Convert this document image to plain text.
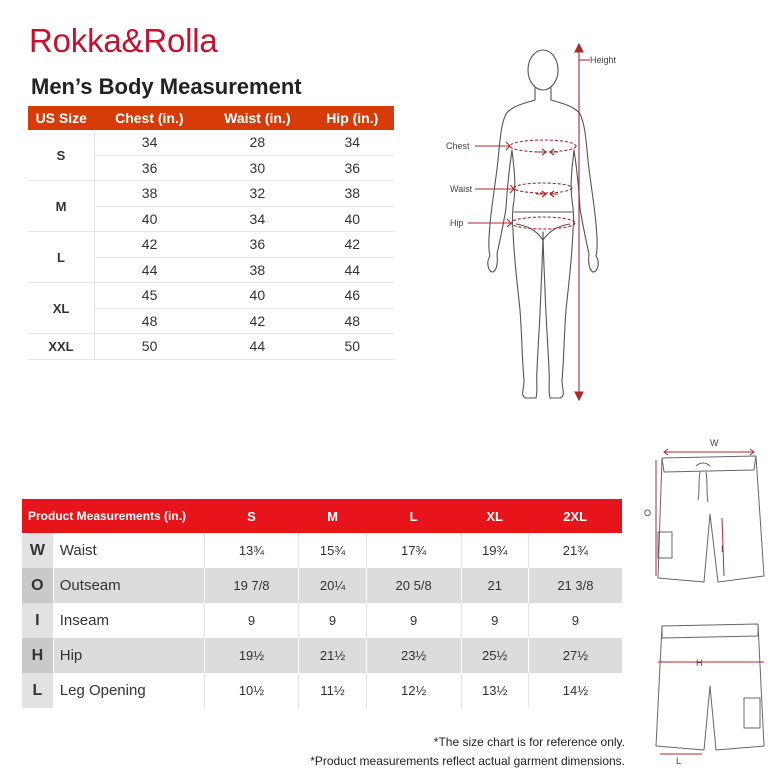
Rokka&Rolla
Men’s Body Measurement
US Size	Chest (in.)	Waist (in.)	Hip (in.)
S	34	28	34
	36	30	36
M	38	32	38
	40	34	40
L	42	36	42
	44	38	44
XL	45	40	46
	48	42	48
XXL	50	44	50
Height
Chest
Waist
Hip
Product Measurements (in.)		S	M	L	XL	2XL
W	Waist	13¾	15¾	17¾	19¾	21¾
O	Outseam	19 7/8	20¼	20 5/8	21	21 3/8
I	Inseam	9	9	9	9	9
H	Hip	19½	21½	23½	25½	27½
L	Leg Opening	10½	11½	12½	13½	14½
W
O
I
H
L
*The size chart is for reference only.
*Product measurements reflect actual garment dimensions.
